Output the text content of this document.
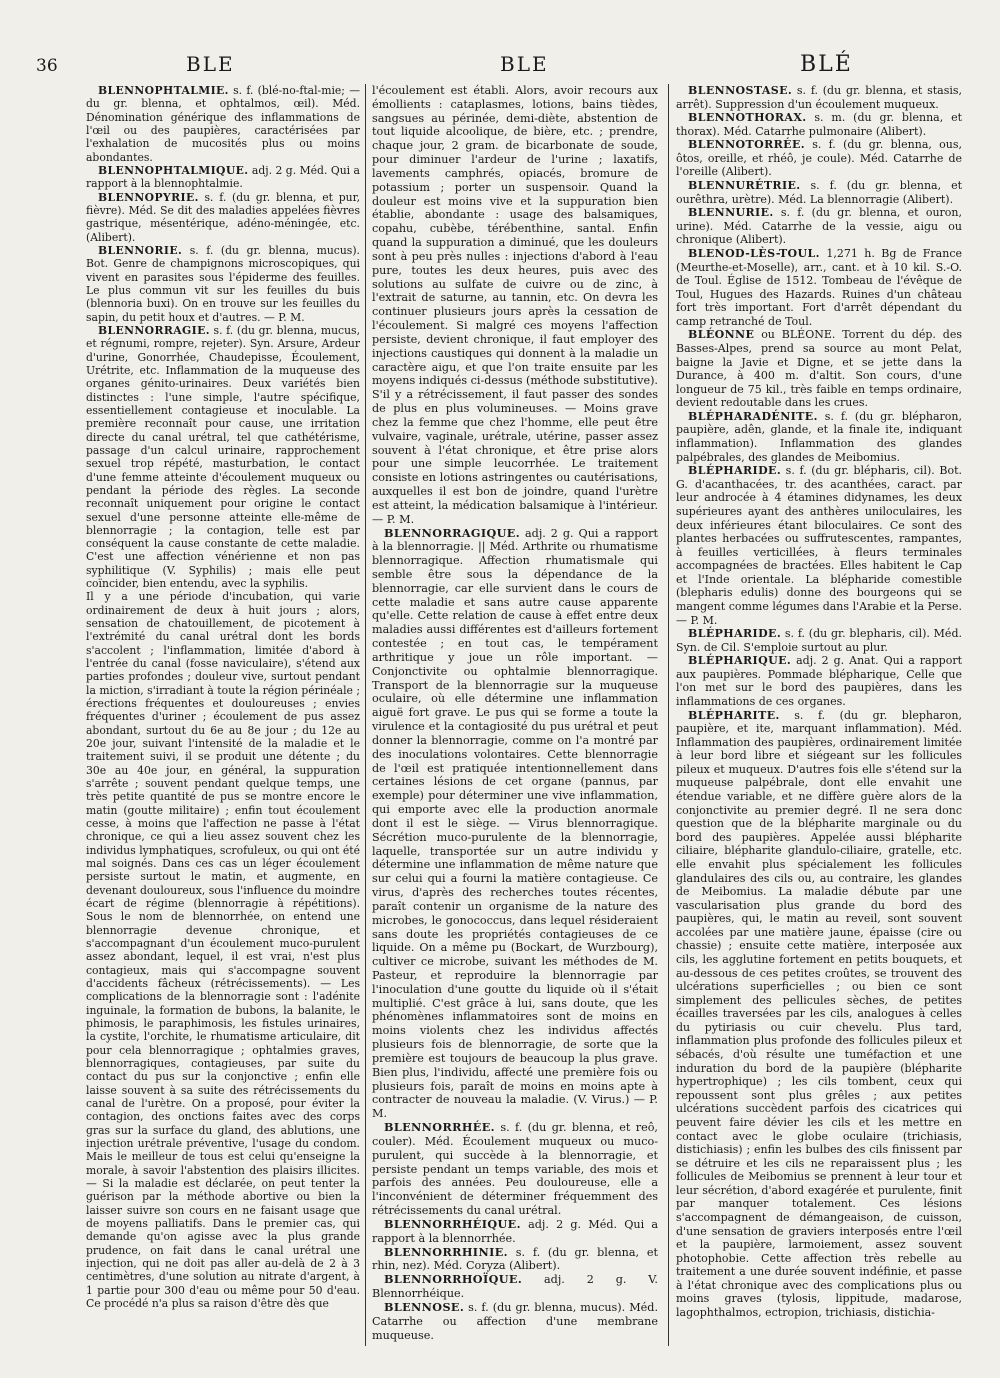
36	BLE	BLE	BLÉ

BLENNOPHTALMIE. s. f. (blé-no-ftal-mie; — du gr. blenna, et ophtalmos, œil). Méd. Dénomination générique des inflammations de l'œil ou des paupières, caractérisées par l'exhalation de mucosités plus ou moins abondantes.

BLENNOPHTALMIQUE. adj. 2 g. Méd. Qui a rapport à la blennophtalmie.

BLENNOPYRIE. s. f. (du gr. blenna, et pur, fièvre). Méd. Se dit des maladies appelées fièvres gastrique, mésentérique, adéno-méningée, etc. (Alibert).

BLENNORIE. s. f. (du gr. blenna, mucus). Bot. Genre de champignons microscopiques, qui vivent en parasites sous l'épiderme des feuilles. Le plus commun vit sur les feuilles du buis (blennoria buxi). On en trouve sur les feuilles du sapin, du petit houx et d'autres. — P. M.

BLENNORRAGIE. s. f. (du gr. blenna, mucus, et régnumi, rompre, rejeter). Syn. Arsure, Ardeur d'urine, Gonorrhée, Chaudepisse, Écoulement, Urétrite, etc. Inflammation de la muqueuse des organes génito-urinaires. Deux variétés bien distinctes : l'une simple, l'autre spécifique, essentiellement contagieuse et inoculable. La première reconnaît pour cause, une irritation directe du canal urétral, tel que cathétérisme, passage d'un calcul urinaire, rapprochement sexuel trop répété, masturbation, le contact d'une femme atteinte d'écoulement muqueux ou pendant la période des règles. La seconde reconnaît uniquement pour origine le contact sexuel d'une personne atteinte elle-même de blennorragie ; la contagion, telle est par conséquent la cause constante de cette maladie. C'est une affection vénérienne et non pas syphilitique (V. Syphilis) ; mais elle peut coïncider, bien entendu, avec la syphilis.

Il y a une période d'incubation, qui varie ordinairement de deux à huit jours ; alors, sensation de chatouillement, de picotement à l'extrémité du canal urétral dont les bords s'accolent ; l'inflammation, limitée d'abord à l'entrée du canal (fosse naviculaire), s'étend aux parties profondes ; douleur vive, surtout pendant la miction, s'irradiant à toute la région périnéale ; érections fréquentes et douloureuses ; envies fréquentes d'uriner ; écoulement de pus assez abondant, surtout du 6e au 8e jour ; du 12e au 20e jour, suivant l'intensité de la maladie et le traitement suivi, il se produit une détente ; du 30e au 40e jour, en général, la suppuration s'arrête ; souvent pendant quelque temps, une très petite quantité de pus se montre encore le matin (goutte militaire) ; enfin tout écoulement cesse, à moins que l'affection ne passe à l'état chronique, ce qui a lieu assez souvent chez les individus lymphatiques, scrofuleux, ou qui ont été mal soignés. Dans ces cas un léger écoulement persiste surtout le matin, et augmente, en devenant douloureux, sous l'influence du moindre écart de régime (blennorragie à répétitions). Sous le nom de blennorrhée, on entend une blennorragie devenue chronique, et s'accompagnant d'un écoulement muco-purulent assez abondant, lequel, il est vrai, n'est plus contagieux, mais qui s'accompagne souvent d'accidents fâcheux (rétrécissements). — Les complications de la blennorragie sont : l'adénite inguinale, la formation de bubons, la balanite, le phimosis, le paraphimosis, les fistules urinaires, la cystite, l'orchite, le rhumatisme articulaire, dit pour cela blennorragique ; ophtalmies graves, blennorragiques, contagieuses, par suite du contact du pus sur la conjonctive ; enfin elle laisse souvent à sa suite des rétrécissements du canal de l'urètre. On a proposé, pour éviter la contagion, des onctions faites avec des corps gras sur la surface du gland, des ablutions, une injection urétrale préventive, l'usage du condom. Mais le meilleur de tous est celui qu'enseigne la morale, à savoir l'abstention des plaisirs illicites. — Si la maladie est déclarée, on peut tenter la guérison par la méthode abortive ou bien la laisser suivre son cours en ne faisant usage que de moyens palliatifs. Dans le premier cas, qui demande qu'on agisse avec la plus grande prudence, on fait dans le canal urétral une injection, qui ne doit pas aller au-delà de 2 à 3 centimètres, d'une solution au nitrate d'argent, à 1 partie pour 300 d'eau ou même pour 50 d'eau. Ce procédé n'a plus sa raison d'être dès que

l'écoulement est établi. Alors, avoir recours aux émollients : cataplasmes, lotions, bains tièdes, sangsues au périnée, demi-diète, abstention de tout liquide alcoolique, de bière, etc. ; prendre, chaque jour, 2 gram. de bicarbonate de soude, pour diminuer l'ardeur de l'urine ; laxatifs, lavements camphrés, opiacés, bromure de potassium ; porter un suspensoir. Quand la douleur est moins vive et la suppuration bien établie, abondante : usage des balsamiques, copahu, cubèbe, térébenthine, santal. Enfin quand la suppuration a diminué, que les douleurs sont à peu près nulles : injections d'abord à l'eau pure, toutes les deux heures, puis avec des solutions au sulfate de cuivre ou de zinc, à l'extrait de saturne, au tannin, etc. On devra les continuer plusieurs jours après la cessation de l'écoulement. Si malgré ces moyens l'affection persiste, devient chronique, il faut employer des injections caustiques qui donnent à la maladie un caractère aigu, et que l'on traite ensuite par les moyens indiqués ci-dessus (méthode substitutive). S'il y a rétrécissement, il faut passer des sondes de plus en plus volumineuses. — Moins grave chez la femme que chez l'homme, elle peut être vulvaire, vaginale, urétrale, utérine, passer assez souvent à l'état chronique, et être prise alors pour une simple leucorrhée. Le traitement consiste en lotions astringentes ou cautérisations, auxquelles il est bon de joindre, quand l'urètre est atteint, la médication balsamique à l'intérieur. — P. M.

BLENNORRAGIQUE. adj. 2 g. Qui a rapport à la blennorragie. || Méd. Arthrite ou rhumatisme blennorragique. Affection rhumatismale qui semble être sous la dépendance de la blennorragie, car elle survient dans le cours de cette maladie et sans autre cause apparente qu'elle. Cette relation de cause à effet entre deux maladies aussi différentes est d'ailleurs fortement contestée ; en tout cas, le tempérament arthritique y joue un rôle important. — Conjonctivite ou ophtalmie blennorragique. Transport de la blennorragie sur la muqueuse oculaire, où elle détermine une inflammation aiguë fort grave. Le pus qui se forme a toute la virulence et la contagiosité du pus urétral et peut donner la blennorragie, comme on l'a montré par des inoculations volontaires. Cette blennorragie de l'œil est pratiquée intentionnellement dans certaines lésions de cet organe (pannus, par exemple) pour déterminer une vive inflammation, qui emporte avec elle la production anormale dont il est le siège. — Virus blennorragique. Sécrétion muco-purulente de la blennorragie, laquelle, transportée sur un autre individu y détermine une inflammation de même nature que sur celui qui a fourni la matière contagieuse. Ce virus, d'après des recherches toutes récentes, paraît contenir un organisme de la nature des microbes, le gonococcus, dans lequel résideraient sans doute les propriétés contagieuses de ce liquide. On a même pu (Bockart, de Wurzbourg), cultiver ce microbe, suivant les méthodes de M. Pasteur, et reproduire la blennorragie par l'inoculation d'une goutte du liquide où il s'était multiplié. C'est grâce à lui, sans doute, que les phénomènes inflammatoires sont de moins en moins violents chez les individus affectés plusieurs fois de blennorragie, de sorte que la première est toujours de beaucoup la plus grave. Bien plus, l'individu, affecté une première fois ou plusieurs fois, paraît de moins en moins apte à contracter de nouveau la maladie. (V. Virus.) — P. M.

BLENNORRHÉE. s. f. (du gr. blenna, et reô, couler). Méd. Écoulement muqueux ou muco-purulent, qui succède à la blennorragie, et persiste pendant un temps variable, des mois et parfois des années. Peu douloureuse, elle a l'inconvénient de déterminer fréquemment des rétrécissements du canal urétral.

BLENNORRHÉIQUE. adj. 2 g. Méd. Qui a rapport à la blennorrhée.

BLENNORRHINIE. s. f. (du gr. blenna, et rhin, nez). Méd. Coryza (Alibert).

BLENNORRHOÏQUE. adj. 2 g. V. Blennorrhéique.

BLENNOSE. s. f. (du gr. blenna, mucus). Méd. Catarrhe ou affection d'une membrane muqueuse.

BLENNOSTASE. s. f. (du gr. blenna, et stasis, arrêt). Suppression d'un écoulement muqueux.

BLENNOTHORAX. s. m. (du gr. blenna, et thorax). Méd. Catarrhe pulmonaire (Alibert).

BLENNOTORRÉE. s. f. (du gr. blenna, ous, ôtos, oreille, et rhéô, je coule). Méd. Catarrhe de l'oreille (Alibert).

BLENNURÉTRIE. s. f. (du gr. blenna, et ourêthra, urètre). Méd. La blennorragie (Alibert).

BLENNURIE. s. f. (du gr. blenna, et ouron, urine). Méd. Catarrhe de la vessie, aigu ou chronique (Alibert).

BLENOD-LÈS-TOUL. 1,271 h. Bg de France (Meurthe-et-Moselle), arr., cant. et à 10 kil. S.-O. de Toul. Église de 1512. Tombeau de l'évêque de Toul, Hugues des Hazards. Ruines d'un château fort très important. Fort d'arrêt dépendant du camp retranché de Toul.

BLÉONNE ou BLÉONE. Torrent du dép. des Basses-Alpes, prend sa source au mont Pelat, baigne la Javie et Digne, et se jette dans la Durance, à 400 m. d'altit. Son cours, d'une longueur de 75 kil., très faible en temps ordinaire, devient redoutable dans les crues.

BLÉPHARADÉNITE. s. f. (du gr. blépharon, paupière, adên, glande, et la finale ite, indiquant inflammation). Inflammation des glandes palpébrales, des glandes de Meibomius.

BLÉPHARIDE. s. f. (du gr. blépharis, cil). Bot. G. d'acanthacées, tr. des acanthées, caract. par leur androcée à 4 étamines didynames, les deux supérieures ayant des anthères uniloculaires, les deux inférieures étant biloculaires. Ce sont des plantes herbacées ou suffrutescentes, rampantes, à feuilles verticillées, à fleurs terminales accompagnées de bractées. Elles habitent le Cap et l'Inde orientale. La blépharide comestible (blepharis edulis) donne des bourgeons qui se mangent comme légumes dans l'Arabie et la Perse. — P. M.

BLÉPHARIDE. s. f. (du gr. blepharis, cil). Méd. Syn. de Cil. S'emploie surtout au plur.

BLÉPHARIQUE. adj. 2 g. Anat. Qui a rapport aux paupières. Pommade blépharique, Celle que l'on met sur le bord des paupières, dans les inflammations de ces organes.

BLÉPHARITE. s. f. (du gr. blepharon, paupière, et ite, marquant inflammation). Méd. Inflammation des paupières, ordinairement limitée à leur bord libre et siégeant sur les follicules pileux et muqueux. D'autres fois elle s'étend sur la muqueuse palpébrale, dont elle envahit une étendue variable, et ne diffère guère alors de la conjonctivite au premier degré. Il ne sera donc question que de la blépharite marginale ou du bord des paupières. Appelée aussi blépharite ciliaire, blépharite glandulo-ciliaire, gratelle, etc. elle envahit plus spécialement les follicules glandulaires des cils ou, au contraire, les glandes de Meibomius. La maladie débute par une vascularisation plus grande du bord des paupières, qui, le matin au reveil, sont souvent accolées par une matière jaune, épaisse (cire ou chassie) ; ensuite cette matière, interposée aux cils, les agglutine fortement en petits bouquets, et au-dessous de ces petites croûtes, se trouvent des ulcérations superficielles ; ou bien ce sont simplement des pellicules sèches, de petites écailles traversées par les cils, analogues à celles du pytiriasis ou cuir chevelu. Plus tard, inflammation plus profonde des follicules pileux et sébacés, d'où résulte une tuméfaction et une induration du bord de la paupière (blépharite hypertrophique) ; les cils tombent, ceux qui repoussent sont plus grêles ; aux petites ulcérations succèdent parfois des cicatrices qui peuvent faire dévier les cils et les mettre en contact avec le globe oculaire (trichiasis, distichiasis) ; enfin les bulbes des cils finissent par se détruire et les cils ne reparaissent plus ; les follicules de Meibomius se prennent à leur tour et leur sécrétion, d'abord exagérée et purulente, finit par manquer totalement. Ces lésions s'accompagnent de démangeaison, de cuisson, d'une sensation de graviers interposés entre l'œil et la paupière, larmoiement, assez souvent photophobie. Cette affection très rebelle au traitement a une durée souvent indéfinie, et passe à l'état chronique avec des complications plus ou moins graves (tylosis, lippitude, madarose, lagophthalmos, ectropion, trichiasis, distichia-
